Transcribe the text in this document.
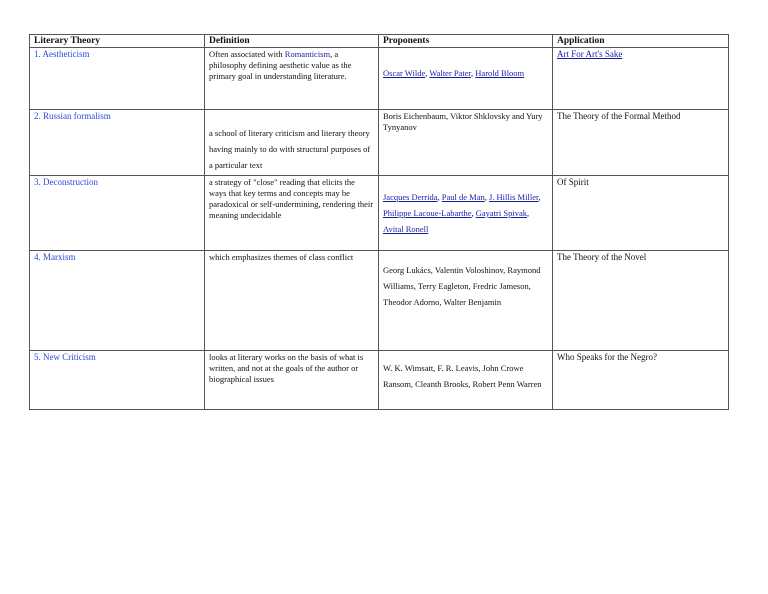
Literary Theory	Definition	Proponents	Application
1. Aestheticism	Often associated with Romanticism, a philosophy defining aesthetic value as the primary goal in understanding literature.	Oscar Wilde, Walter Pater, Harold Bloom	Art For Art's Sake
2. Russian formalism	a school of literary criticism and literary theory having mainly to do with structural purposes of a particular text	Boris Eichenbaum, Viktor Shklovsky and Yury Tynyanov	The Theory of the Formal Method
3. Deconstruction	a strategy of "close" reading that elicits the ways that key terms and concepts may be paradoxical or self-undermining, rendering their meaning undecidable	Jacques Derrida, Paul de Man, J. Hillis Miller, Philippe Lacoue-Labarthe, Gayatri Spivak, Avital Ronell	Of Spirit
4. Marxism	which emphasizes themes of class conflict	Georg Lukács, Valentin Voloshinov, Raymond Williams, Terry Eagleton, Fredric Jameson, Theodor Adorno, Walter Benjamin	The Theory of the Novel
5. New Criticism	looks at literary works on the basis of what is written, and not at the goals of the author or biographical issues	W. K. Wimsatt, F. R. Leavis, John Crowe Ransom, Cleanth Brooks, Robert Penn Warren	Who Speaks for the Negro?
